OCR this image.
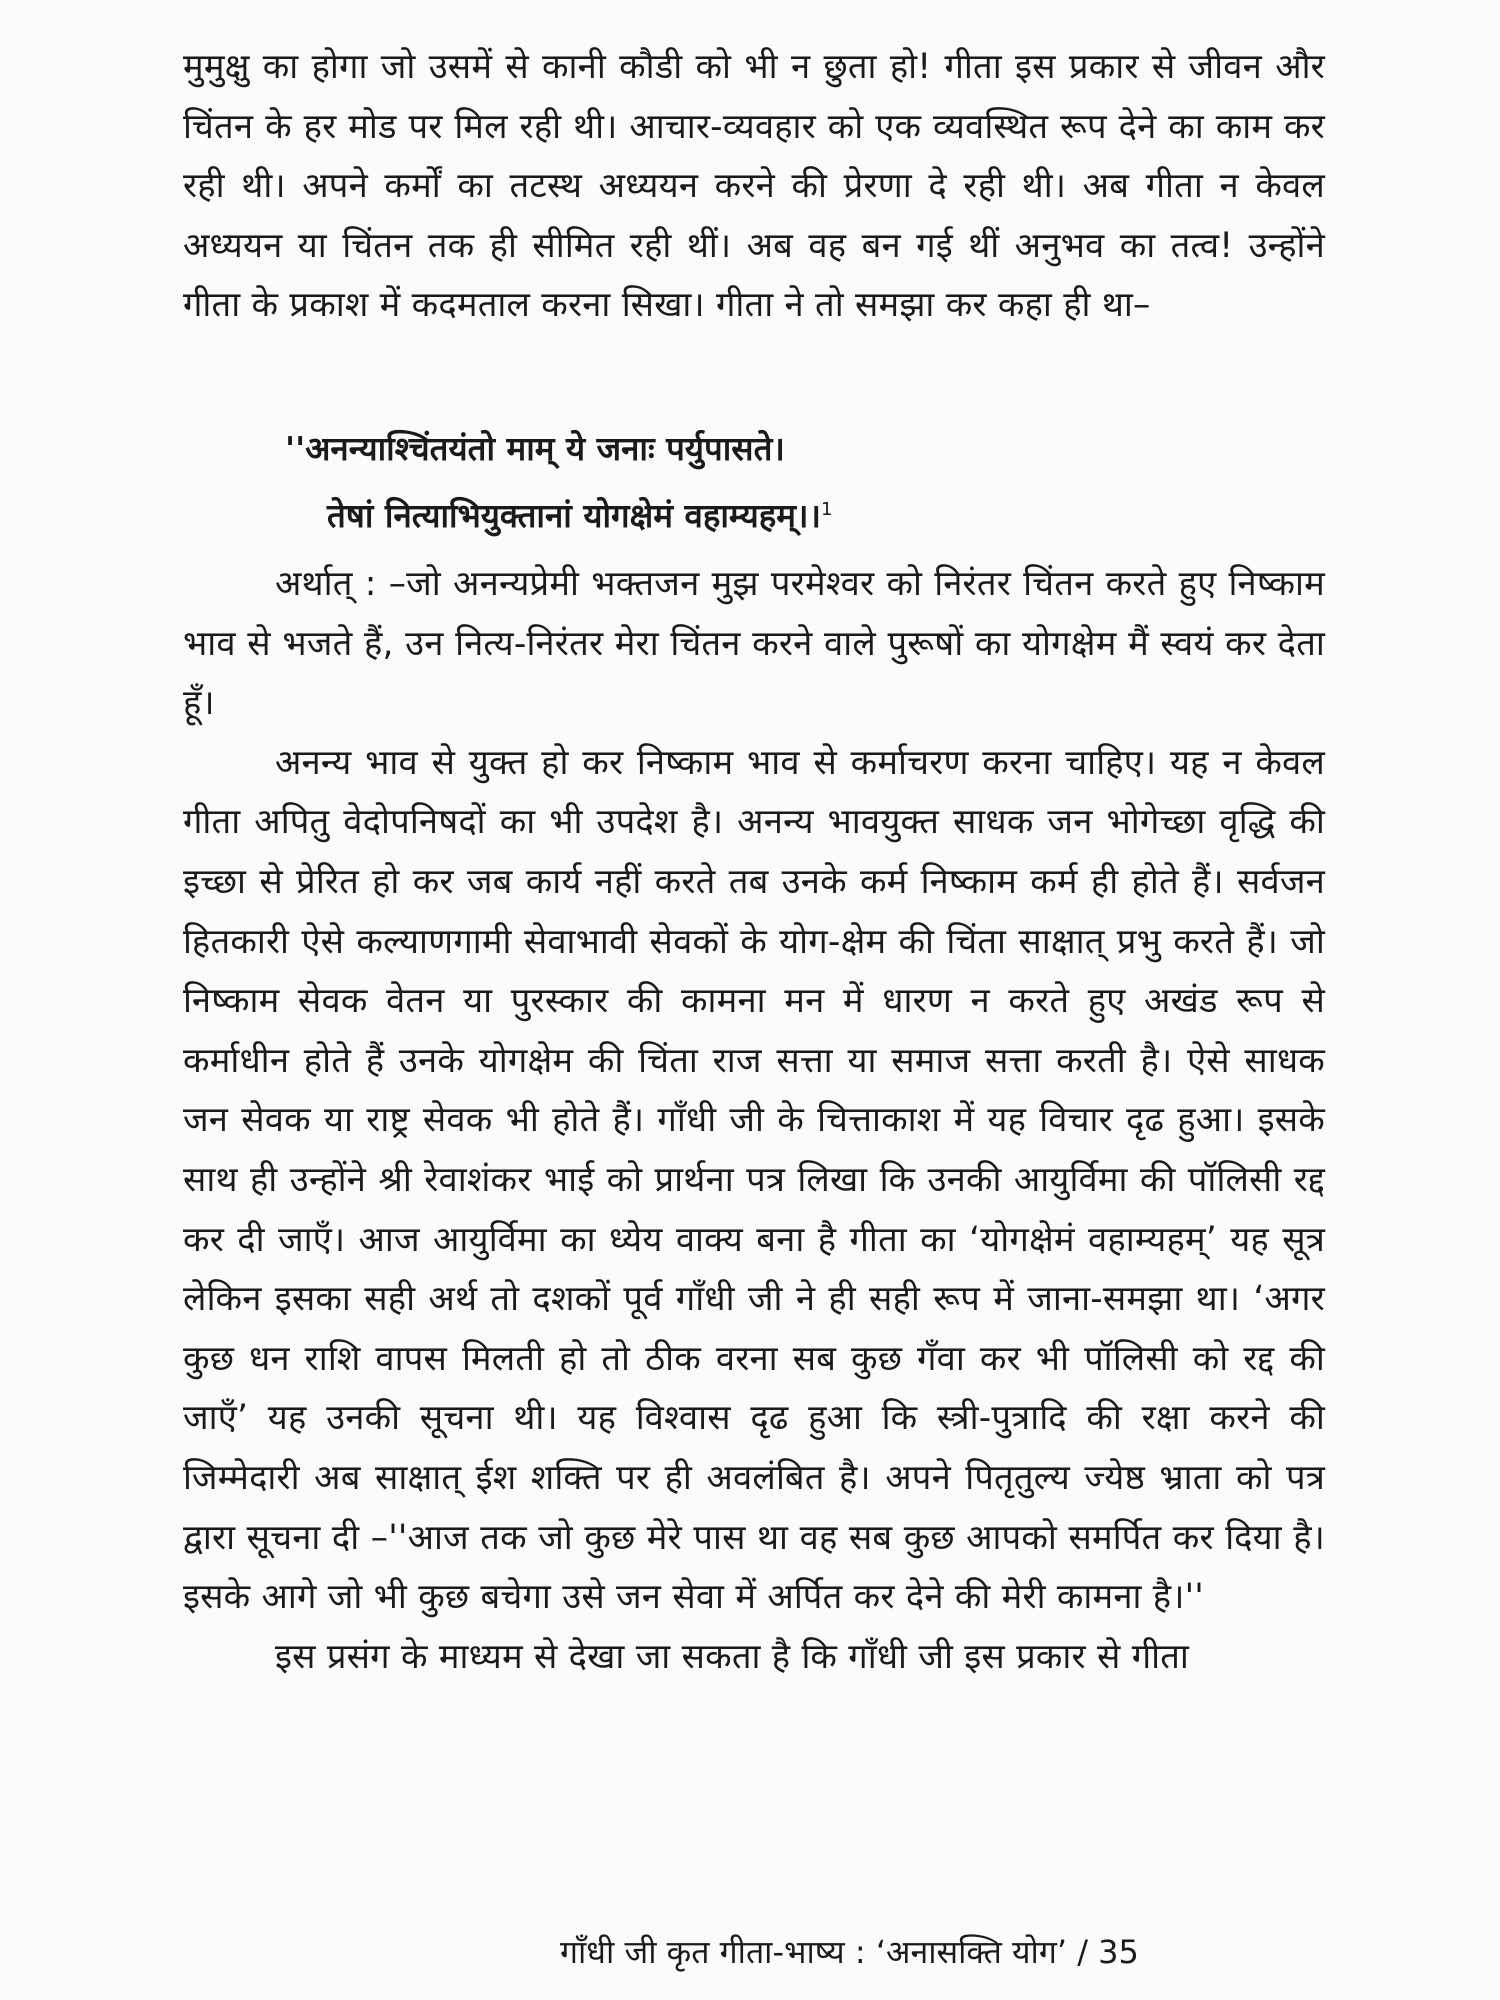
मुमुक्षु का होगा जो उसमें से कानी कौडी को भी न छुता हो! गीता इस प्रकार से जीवन और चिंतन के हर मोड पर मिल रही थी। आचार-व्यवहार को एक व्यवस्थित रूप देने का काम कर रही थी। अपने कर्मों का तटस्थ अध्ययन करने की प्रेरणा दे रही थी। अब गीता न केवल अध्ययन या चिंतन तक ही सीमित रही थीं। अब वह बन गई थीं अनुभव का तत्व! उन्होंने गीता के प्रकाश में कदमताल करना सिखा। गीता ने तो समझा कर कहा ही था–

''अनन्याश्चिंतयंतो माम् ये जनाः पर्युपासते।
तेषां नित्याभियुक्तानां योगक्षेमं वहाम्यहम्।।$^1$

अर्थात् : –जो अनन्यप्रेमी भक्तजन मुझ परमेश्वर को निरंतर चिंतन करते हुए निष्काम भाव से भजते हैं, उन नित्य-निरंतर मेरा चिंतन करने वाले पुरूषों का योगक्षेम मैं स्वयं कर देता हूँ।

अनन्य भाव से युक्त हो कर निष्काम भाव से कर्माचरण करना चाहिए। यह न केवल गीता अपितु वेदोपनिषदों का भी उपदेश है। अनन्य भावयुक्त साधक जन भोगेच्छा वृद्धि की इच्छा से प्रेरित हो कर जब कार्य नहीं करते तब उनके कर्म निष्काम कर्म ही होते हैं। सर्वजन हितकारी ऐसे कल्याणगामी सेवाभावी सेवकों के योग-क्षेम की चिंता साक्षात् प्रभु करते हैं। जो निष्काम सेवक वेतन या पुरस्कार की कामना मन में धारण न करते हुए अखंड रूप से कर्माधीन होते हैं उनके योगक्षेम की चिंता राज सत्ता या समाज सत्ता करती है। ऐसे साधक जन सेवक या राष्ट्र सेवक भी होते हैं। गाँधी जी के चित्ताकाश में यह विचार दृढ हुआ। इसके साथ ही उन्होंने श्री रेवाशंकर भाई को प्रार्थना पत्र लिखा कि उनकी आयुर्विमा की पॉलिसी रद्द कर दी जाएँ। आज आयुर्विमा का ध्येय वाक्य बना है गीता का ‘योगक्षेमं वहाम्यहम्’ यह सूत्र लेकिन इसका सही अर्थ तो दशकों पूर्व गाँधी जी ने ही सही रूप में जाना-समझा था। ‘अगर कुछ धन राशि वापस मिलती हो तो ठीक वरना सब कुछ गँवा कर भी पॉलिसी को रद्द की जाएँ’ यह उनकी सूचना थी। यह विश्वास दृढ हुआ कि स्त्री-पुत्रादि की रक्षा करने की जिम्मेदारी अब साक्षात् ईश शक्ति पर ही अवलंबित है। अपने पितृतुल्य ज्येष्ठ भ्राता को पत्र द्वारा सूचना दी –''आज तक जो कुछ मेरे पास था वह सब कुछ आपको समर्पित कर दिया है। इसके आगे जो भी कुछ बचेगा उसे जन सेवा में अर्पित कर देने की मेरी कामना है।''

इस प्रसंग के माध्यम से देखा जा सकता है कि गाँधी जी इस प्रकार से गीता

गाँधी जी कृत गीता-भाष्य : ‘अनासक्ति योग’ / 35
